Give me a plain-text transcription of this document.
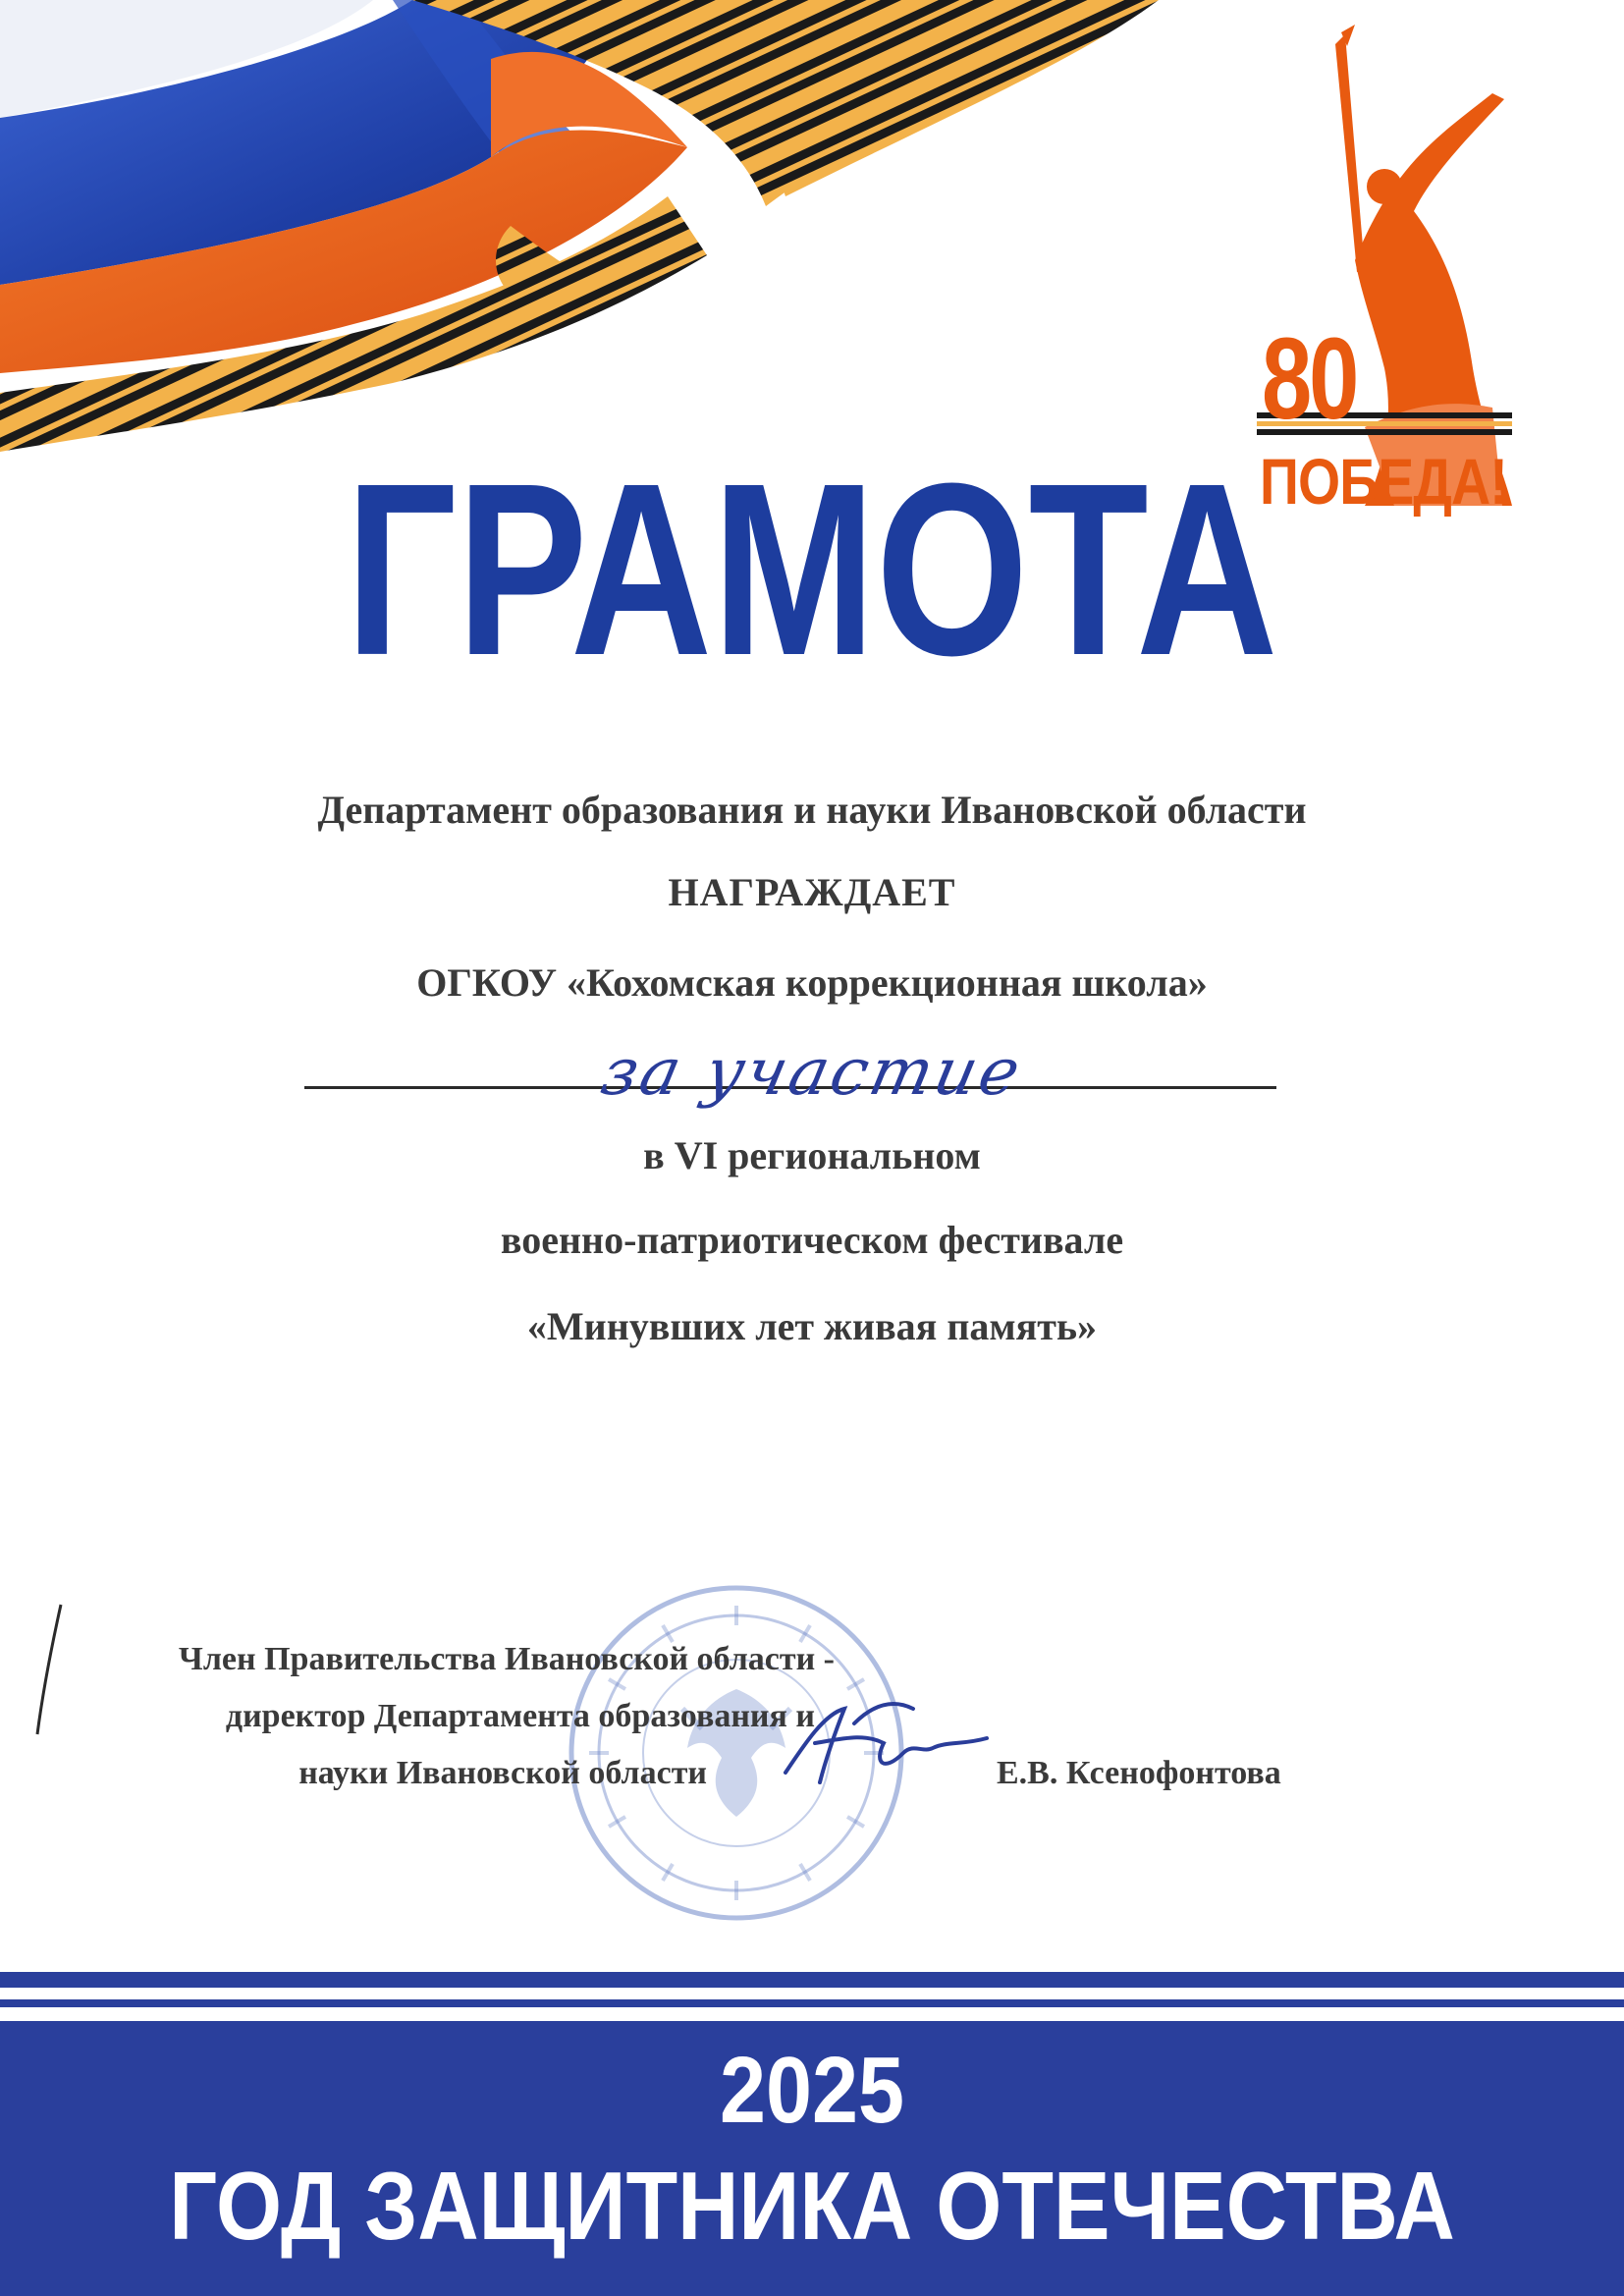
80
ПОБЕДА!
ГРАМОТА
Департамент образования и науки Ивановской области
НАГРАЖДАЕТ
ОГКОУ «Кохомская коррекционная школа»
за участие
в VI региональном
военно-патриотическом фестивале
«Минувших лет живая память»
Член Правительства Ивановской области -
директор Департамента образования и
науки Ивановской области	Е.В. Ксенофонтова
2025
ГОД ЗАЩИТНИКА ОТЕЧЕСТВА
